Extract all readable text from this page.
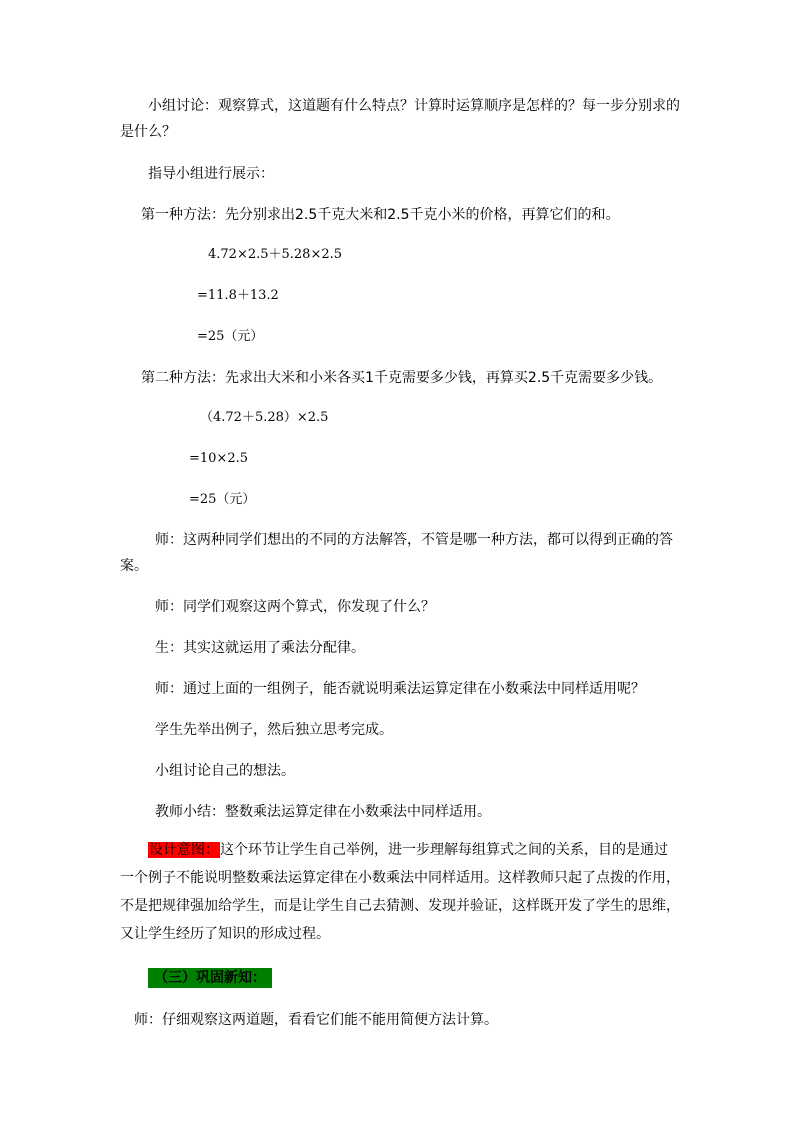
小组讨论：观察算式，这道题有什么特点？计算时运算顺序是怎样的？每一步分别求的
是什么？
指导小组进行展示：
第一种方法：先分别求出2.5千克大米和2.5千克小米的价格，再算它们的和。
4.72×2.5＋5.28×2.5
=11.8＋13.2
=25（元）
第二种方法：先求出大米和小米各买1千克需要多少钱，再算买2.5千克需要多少钱。
（4.72＋5.28）×2.5
=10×2.5
=25（元）
师：这两种同学们想出的不同的方法解答，不管是哪一种方法，都可以得到正确的答
案。
师：同学们观察这两个算式，你发现了什么？
生：其实这就运用了乘法分配律。
师：通过上面的一组例子，能否就说明乘法运算定律在小数乘法中同样适用呢？
学生先举出例子，然后独立思考完成。
小组讨论自己的想法。
教师小结：整数乘法运算定律在小数乘法中同样适用。
设计意图：这个环节让学生自己举例，进一步理解每组算式之间的关系，目的是通过一个例子不能说明整数乘法运算定律在小数乘法中同样适用。这样教师只起了点拨的作用，不是把规律强加给学生，而是让学生自己去猜测、发现并验证，这样既开发了学生的思维，又让学生经历了知识的形成过程。
（三）巩固新知：
师：仔细观察这两道题，看看它们能不能用简便方法计算。
